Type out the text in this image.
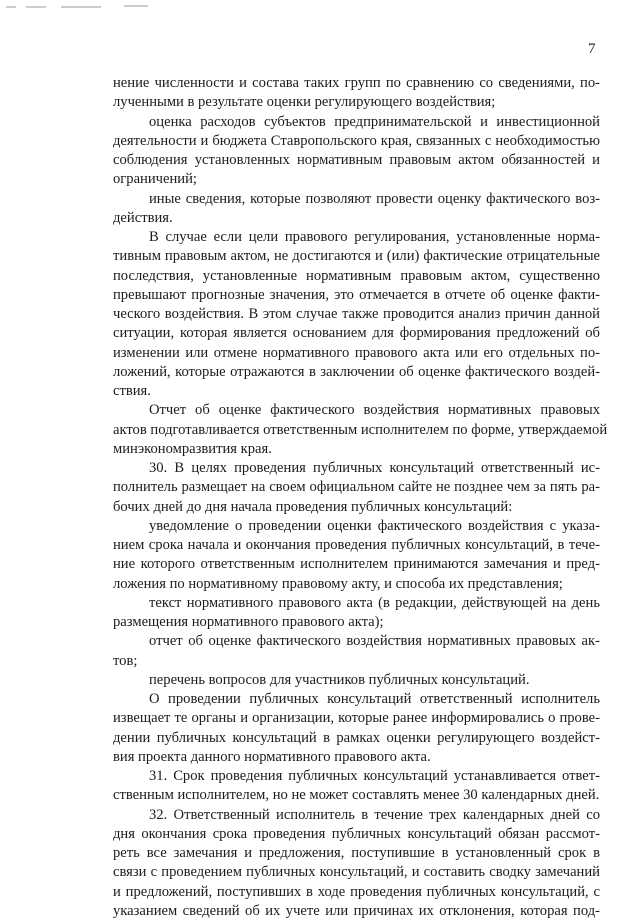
7
нение численности и состава таких групп по сравнению со сведениями, по-
лученными в результате оценки регулирующего воздействия;
оценка расходов субъектов предпринимательской и инвестиционной
деятельности и бюджета Ставропольского края, связанных с необходимостью
соблюдения установленных нормативным правовым актом обязанностей и
ограничений;
иные сведения, которые позволяют провести оценку фактического воз-
действия.
В случае если цели правового регулирования, установленные норма-
тивным правовым актом, не достигаются и (или) фактические отрицательные
последствия, установленные нормативным правовым актом, существенно
превышают прогнозные значения, это отмечается в отчете об оценке факти-
ческого воздействия. В этом случае также проводится анализ причин данной
ситуации, которая является основанием для формирования предложений об
изменении или отмене нормативного правового акта или его отдельных по-
ложений, которые отражаются в заключении об оценке фактического воздей-
ствия.
Отчет об оценке фактического воздействия нормативных правовых
актов подготавливается ответственным исполнителем по форме, утверждаемой
минэкономразвития края.
30. В целях проведения публичных консультаций ответственный ис-
полнитель размещает на своем официальном сайте не позднее чем за пять ра-
бочих дней до дня начала проведения публичных консультаций:
уведомление о проведении оценки фактического воздействия с указа-
нием срока начала и окончания проведения публичных консультаций, в тече-
ние которого ответственным исполнителем принимаются замечания и пред-
ложения по нормативному правовому акту, и способа их представления;
текст нормативного правового акта (в редакции, действующей на день
размещения нормативного правового акта);
отчет об оценке фактического воздействия нормативных правовых ак-
тов;
перечень вопросов для участников публичных консультаций.
О проведении публичных консультаций ответственный исполнитель
извещает те органы и организации, которые ранее информировались о прове-
дении публичных консультаций в рамках оценки регулирующего воздейст-
вия проекта данного нормативного правового акта.
31. Срок проведения публичных консультаций устанавливается ответ-
ственным исполнителем, но не может составлять менее 30 календарных дней.
32. Ответственный исполнитель в течение трех календарных дней со
дня окончания срока проведения публичных консультаций обязан рассмот-
реть все замечания и предложения, поступившие в установленный срок в
связи с проведением публичных консультаций, и составить сводку замечаний
и предложений, поступивших в ходе проведения публичных консультаций, с
указанием сведений об их учете или причинах их отклонения, которая под-
